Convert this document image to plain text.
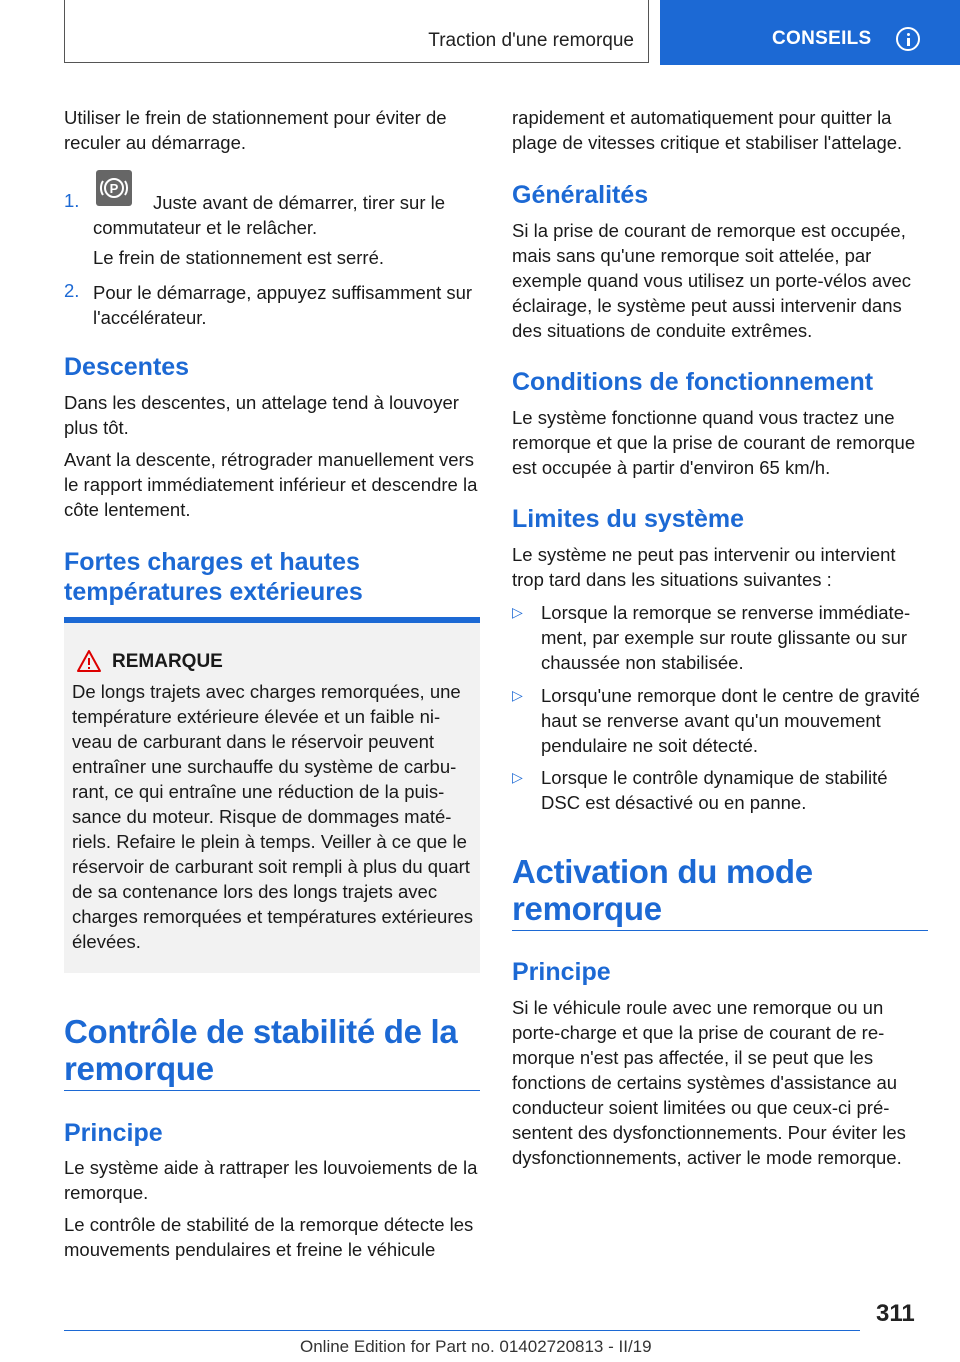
Traction d'une remorque	CONSEILS

Utiliser le frein de stationnement pour éviter de reculer au démarrage.

1.
P

Juste avant de démarrer, tirer sur le commutateur et le relâcher.

Le frein de stationnement est serré.

2. Pour le démarrage, appuyez suffisamment sur l'accélérateur.

Descentes

Dans les descentes, un attelage tend à louvoyer plus tôt.

Avant la descente, rétrograder manuellement vers le rapport immédiatement inférieur et descendre la côte lentement.

Fortes charges et hautes températures extérieures
REMARQUE

De longs trajets avec charges remorquées, une température extérieure élevée et un faible niveau de carburant dans le réservoir peuvent entraîner une surchauffe du système de carburant, ce qui entraîne une réduction de la puissance du moteur. Risque de dommages matériels. Refaire le plein à temps. Veiller à ce que le réservoir de carburant soit rempli à plus du quart de sa contenance lors des longs trajets avec charges remorquées et températures extérieures élevées.

Contrôle de stabilité de la remorque
Principe

Le système aide à rattraper les louvoiements de la remorque.

Le contrôle de stabilité de la remorque détecte les mouvements pendulaires et freine le véhicule

rapidement et automatiquement pour quitter la plage de vitesses critique et stabiliser l'attelage.

Généralités

Si la prise de courant de remorque est occupée, mais sans qu'une remorque soit attelée, par exemple quand vous utilisez un porte-vélos avec éclairage, le système peut aussi intervenir dans des situations de conduite extrêmes.

Conditions de fonctionnement

Le système fonctionne quand vous tractez une remorque et que la prise de courant de remorque est occupée à partir d'environ 65 km/h.

Limites du système

Le système ne peut pas intervenir ou intervient trop tard dans les situations suivantes :

▷ Lorsque la remorque se renverse immédiatement, par exemple sur route glissante ou sur chaussée non stabilisée.

▷ Lorsqu'une remorque dont le centre de gravité haut se renverse avant qu'un mouvement pendulaire ne soit détecté.

▷ Lorsque le contrôle dynamique de stabilité DSC est désactivé ou en panne.

Activation du mode remorque
Principe

Si le véhicule roule avec une remorque ou un porte-charge et que la prise de courant de remorque n'est pas affectée, il se peut que les fonctions de certains systèmes d'assistance au conducteur soient limitées ou que ceux-ci présentent des dysfonctionnements. Pour éviter les dysfonctionnements, activer le mode remorque.

311
Online Edition for Part no. 01402720813 - II/19
